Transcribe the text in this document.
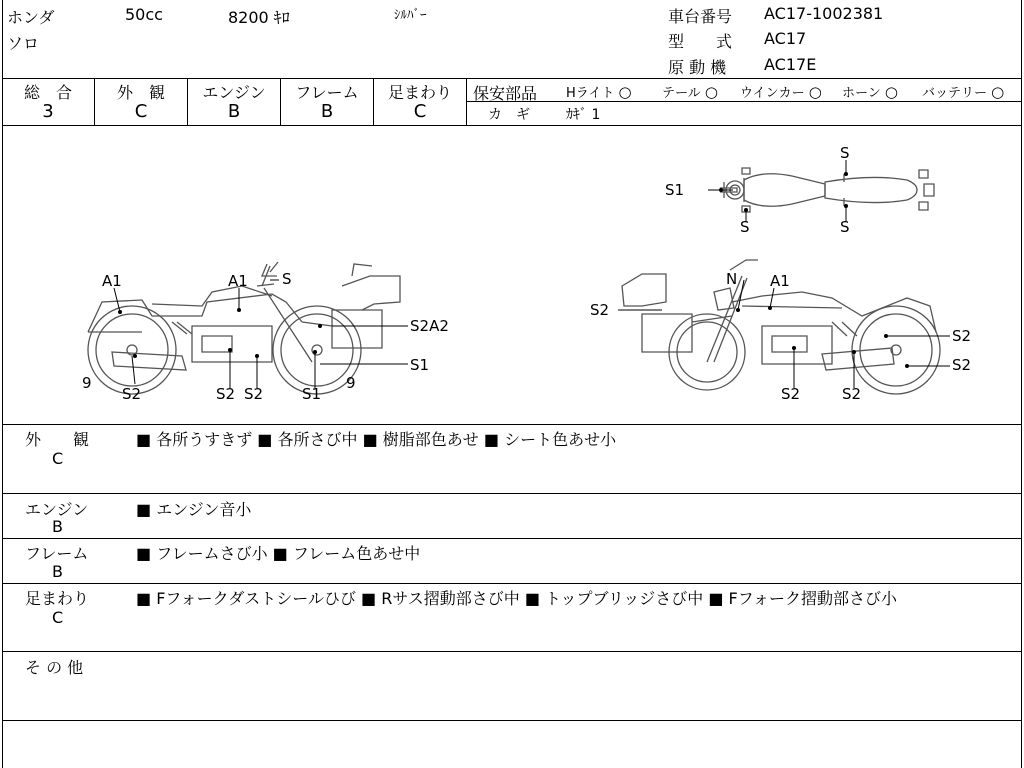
ホンダ	50cc	8200 ｷﾛ	ｼﾙﾊﾞｰ
ソロ
車台番号 AC17-1002381
型　　式 AC17
原 動 機 AC17E
総　合
3
外　観
C
エンジン
B
フレーム
B
足まわり
C
保安部品 Hライト ○ テール ○ ウインカー ○ ホーン ○ バッテリー ○
カ　ギ	ｶｷﾞ 1
S
S1
S	S
A1	A1 S
S2A2
S1
9
S2	S2 S2	S1
9
N A1
S2
S2
S2
S2	S2
外　　観
C
■ 各所うすきず ■ 各所さび中 ■ 樹脂部色あせ ■ シート色あせ小
エンジン
B
■ エンジン音小
フレーム
B
■ フレームさび小 ■ フレーム色あせ中
足まわり
C
■ Fフォークダストシールひび ■ Rサス摺動部さび中 ■ トップブリッジさび中 ■ Fフォーク摺動部さび小
そ の 他
